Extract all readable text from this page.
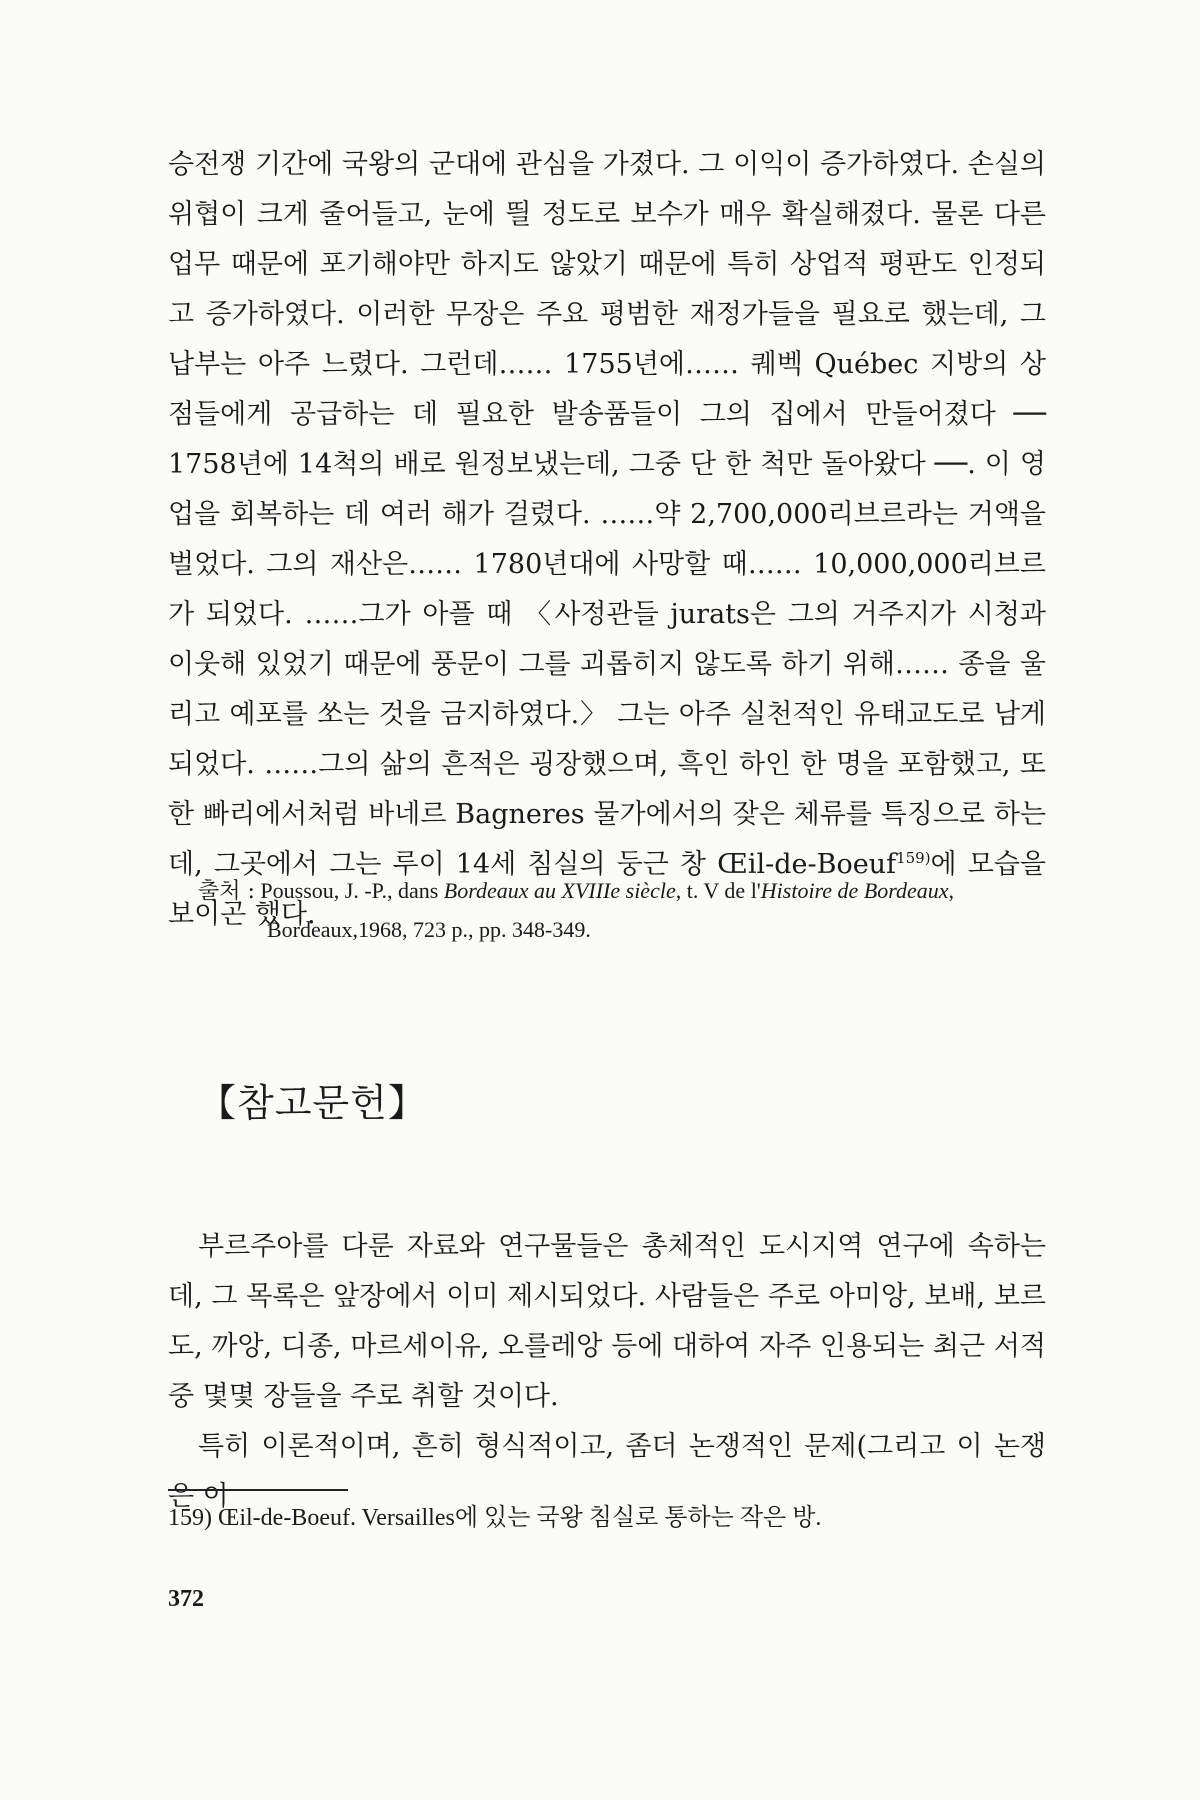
승전쟁 기간에 국왕의 군대에 관심을 가졌다. 그 이익이 증가하였다. 손실의 위협이 크게 줄어들고, 눈에 띌 정도로 보수가 매우 확실해졌다. 물론 다른 업무 때문에 포기해야만 하지도 않았기 때문에 특히 상업적 평판도 인정되고 증가하였다. 이러한 무장은 주요 평범한 재정가들을 필요로 했는데, 그 납부는 아주 느렸다. 그런데…… 1755년에…… 퀘벡 Québec 지방의 상점들에게 공급하는 데 필요한 발송품들이 그의 집에서 만들어졌다 ── 1758년에 14척의 배로 원정보냈는데, 그중 단 한 척만 돌아왔다 ──. 이 영업을 회복하는 데 여러 해가 걸렸다. ……약 2,700,000리브르라는 거액을 벌었다. 그의 재산은…… 1780년대에 사망할 때…… 10,000,000리브르가 되었다. ……그가 아플 때 〈사정관들 jurats은 그의 거주지가 시청과 이웃해 있었기 때문에 풍문이 그를 괴롭히지 않도록 하기 위해…… 종을 울리고 예포를 쏘는 것을 금지하였다.〉 그는 아주 실천적인 유태교도로 남게 되었다. ……그의 삶의 흔적은 굉장했으며, 흑인 하인 한 명을 포함했고, 또한 빠리에서처럼 바네르 Bagneres 물가에서의 잦은 체류를 특징으로 하는데, 그곳에서 그는 루이 14세 침실의 둥근 창 Œil-de-Boeuf$^{159)}$에 모습을 보이곤 했다.

출처 : Poussou, J. -P., dans Bordeaux au XVIIIe siècle, t. V de l'Histoire de Bordeaux,
Bordeaux,1968, 723 p., pp. 348-349.
【참고문헌】

부르주아를 다룬 자료와 연구물들은 총체적인 도시지역 연구에 속하는데, 그 목록은 앞장에서 이미 제시되었다. 사람들은 주로 아미앙, 보배, 보르도, 까앙, 디종, 마르세이유, 오를레앙 등에 대하여 자주 인용되는 최근 서적 중 몇몇 장들을 주로 취할 것이다.

특히 이론적이며, 흔히 형식적이고, 좀더 논쟁적인 문제(그리고 이 논쟁은 이

159) Œil-de-Boeuf. Versailles에 있는 국왕 침실로 통하는 작은 방.
372
